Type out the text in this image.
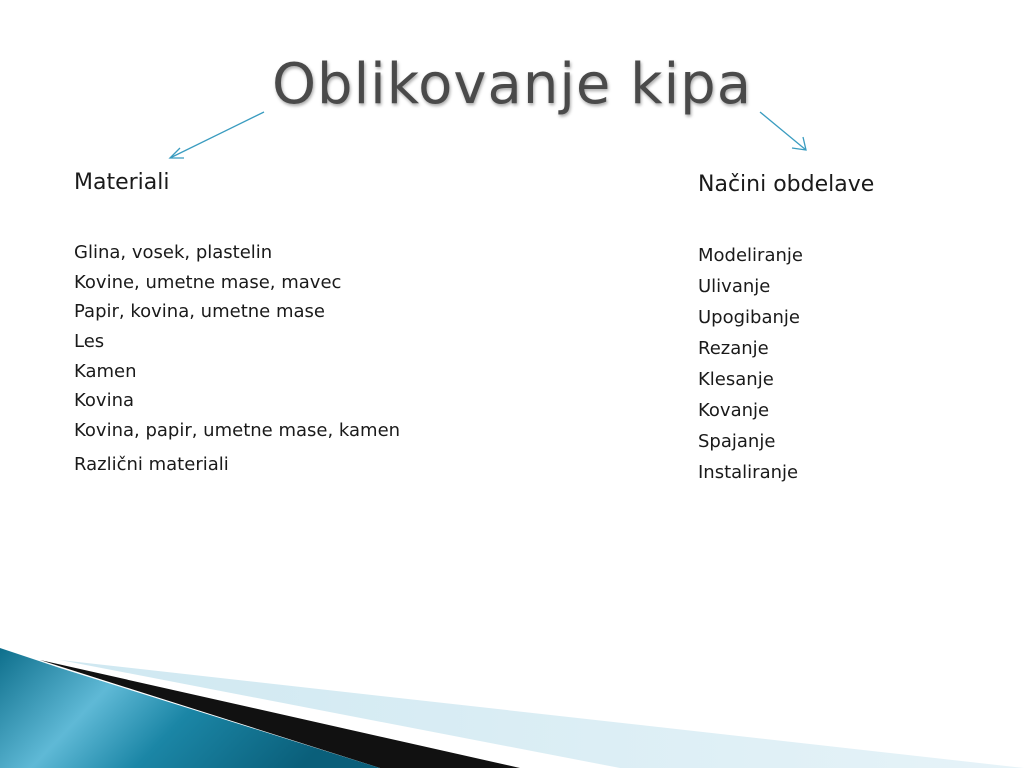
Oblikovanje kipa
Materiali
Glina, vosek, plastelin
Kovine, umetne mase, mavec
Papir, kovina, umetne mase
Les
Kamen
Kovina
Kovina, papir, umetne mase, kamen
Različni materiali
Načini obdelave
Modeliranje
Ulivanje
Upogibanje
Rezanje
Klesanje
Kovanje
Spajanje
Instaliranje
